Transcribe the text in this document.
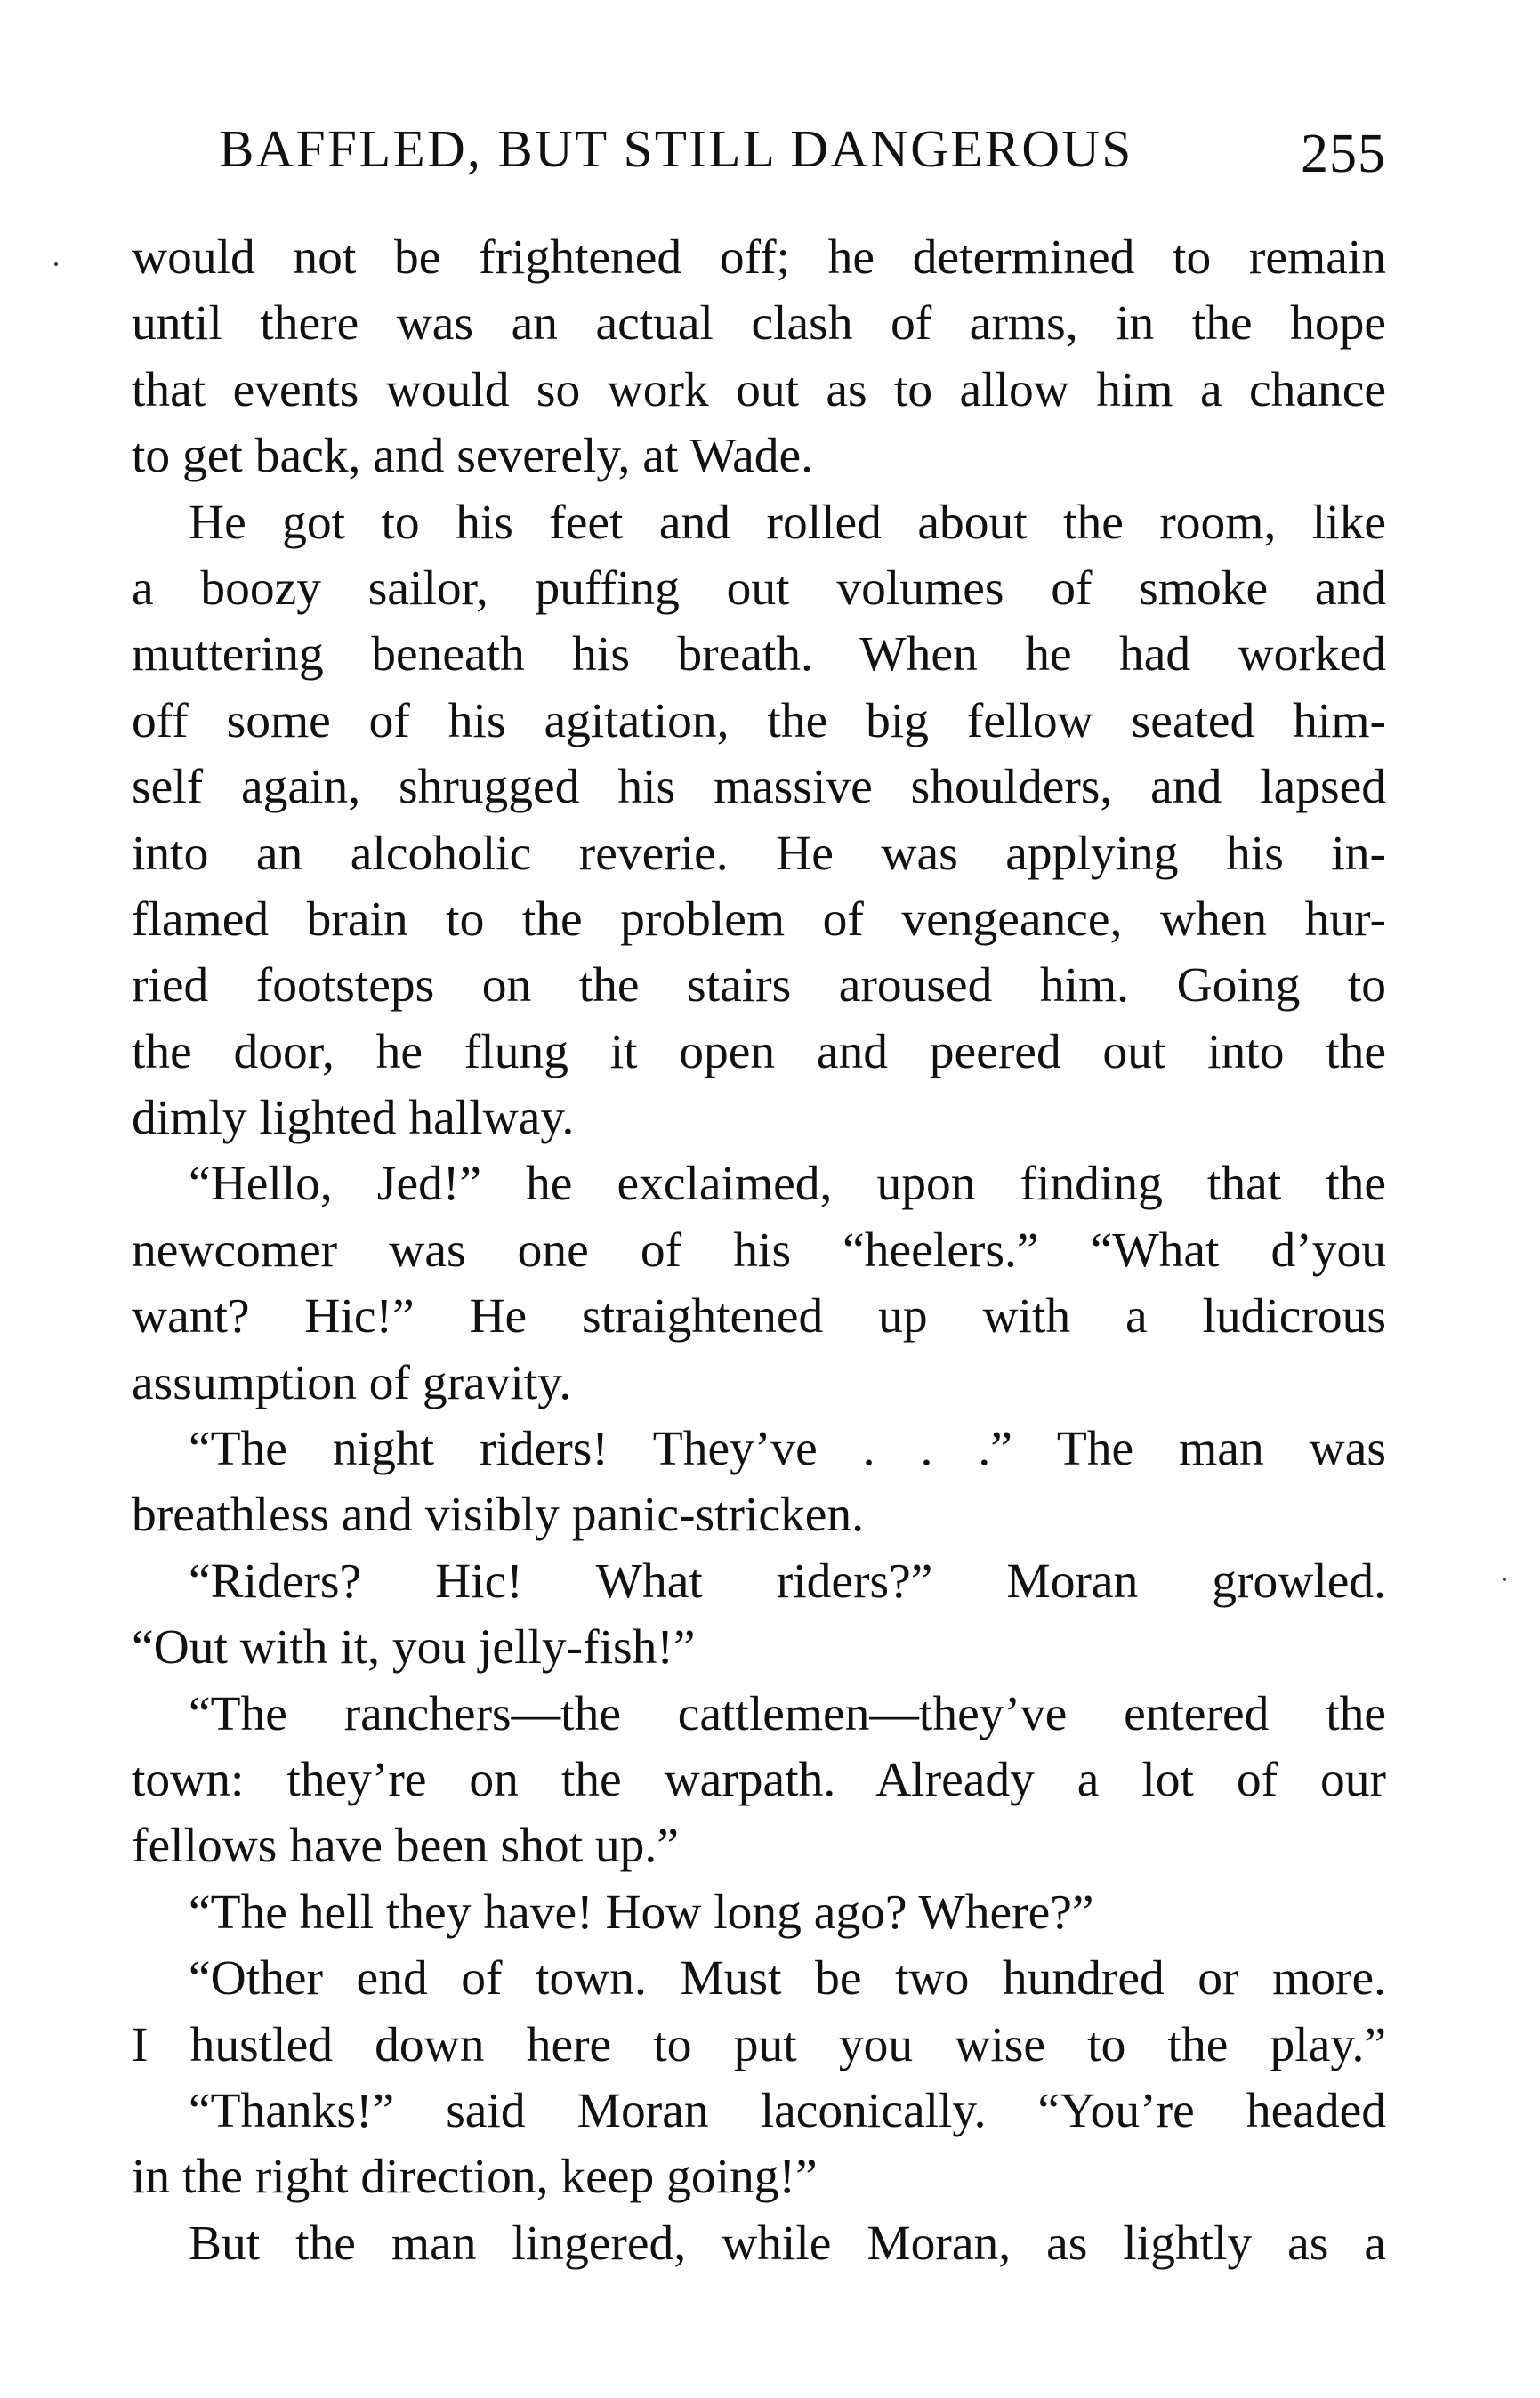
BAFFLED, BUT STILL DANGEROUS	255
would not be frightened off; he determined to remain
until there was an actual clash of arms, in the hope
that events would so work out as to allow him a chance
to get back, and severely, at Wade.
He got to his feet and rolled about the room, like
a boozy sailor, puffing out volumes of smoke and
muttering beneath his breath. When he had worked
off some of his agitation, the big fellow seated him-
self again, shrugged his massive shoulders, and lapsed
into an alcoholic reverie. He was applying his in-
flamed brain to the problem of vengeance, when hur-
ried footsteps on the stairs aroused him. Going to
the door, he flung it open and peered out into the
dimly lighted hallway.
“Hello, Jed!” he exclaimed, upon finding that the
newcomer was one of his “heelers.” “What d’you
want? Hic!” He straightened up with a ludicrous
assumption of gravity.
“The night riders! They’ve . . .” The man was
breathless and visibly panic-stricken.
“Riders? Hic! What riders?” Moran growled.
“Out with it, you jelly-fish!”
“The ranchers—the cattlemen—they’ve entered the
town: they’re on the warpath. Already a lot of our
fellows have been shot up.”
“The hell they have! How long ago? Where?”
“Other end of town. Must be two hundred or more.
I hustled down here to put you wise to the play.”
“Thanks!” said Moran laconically. “You’re headed
in the right direction, keep going!”
But the man lingered, while Moran, as lightly as a
